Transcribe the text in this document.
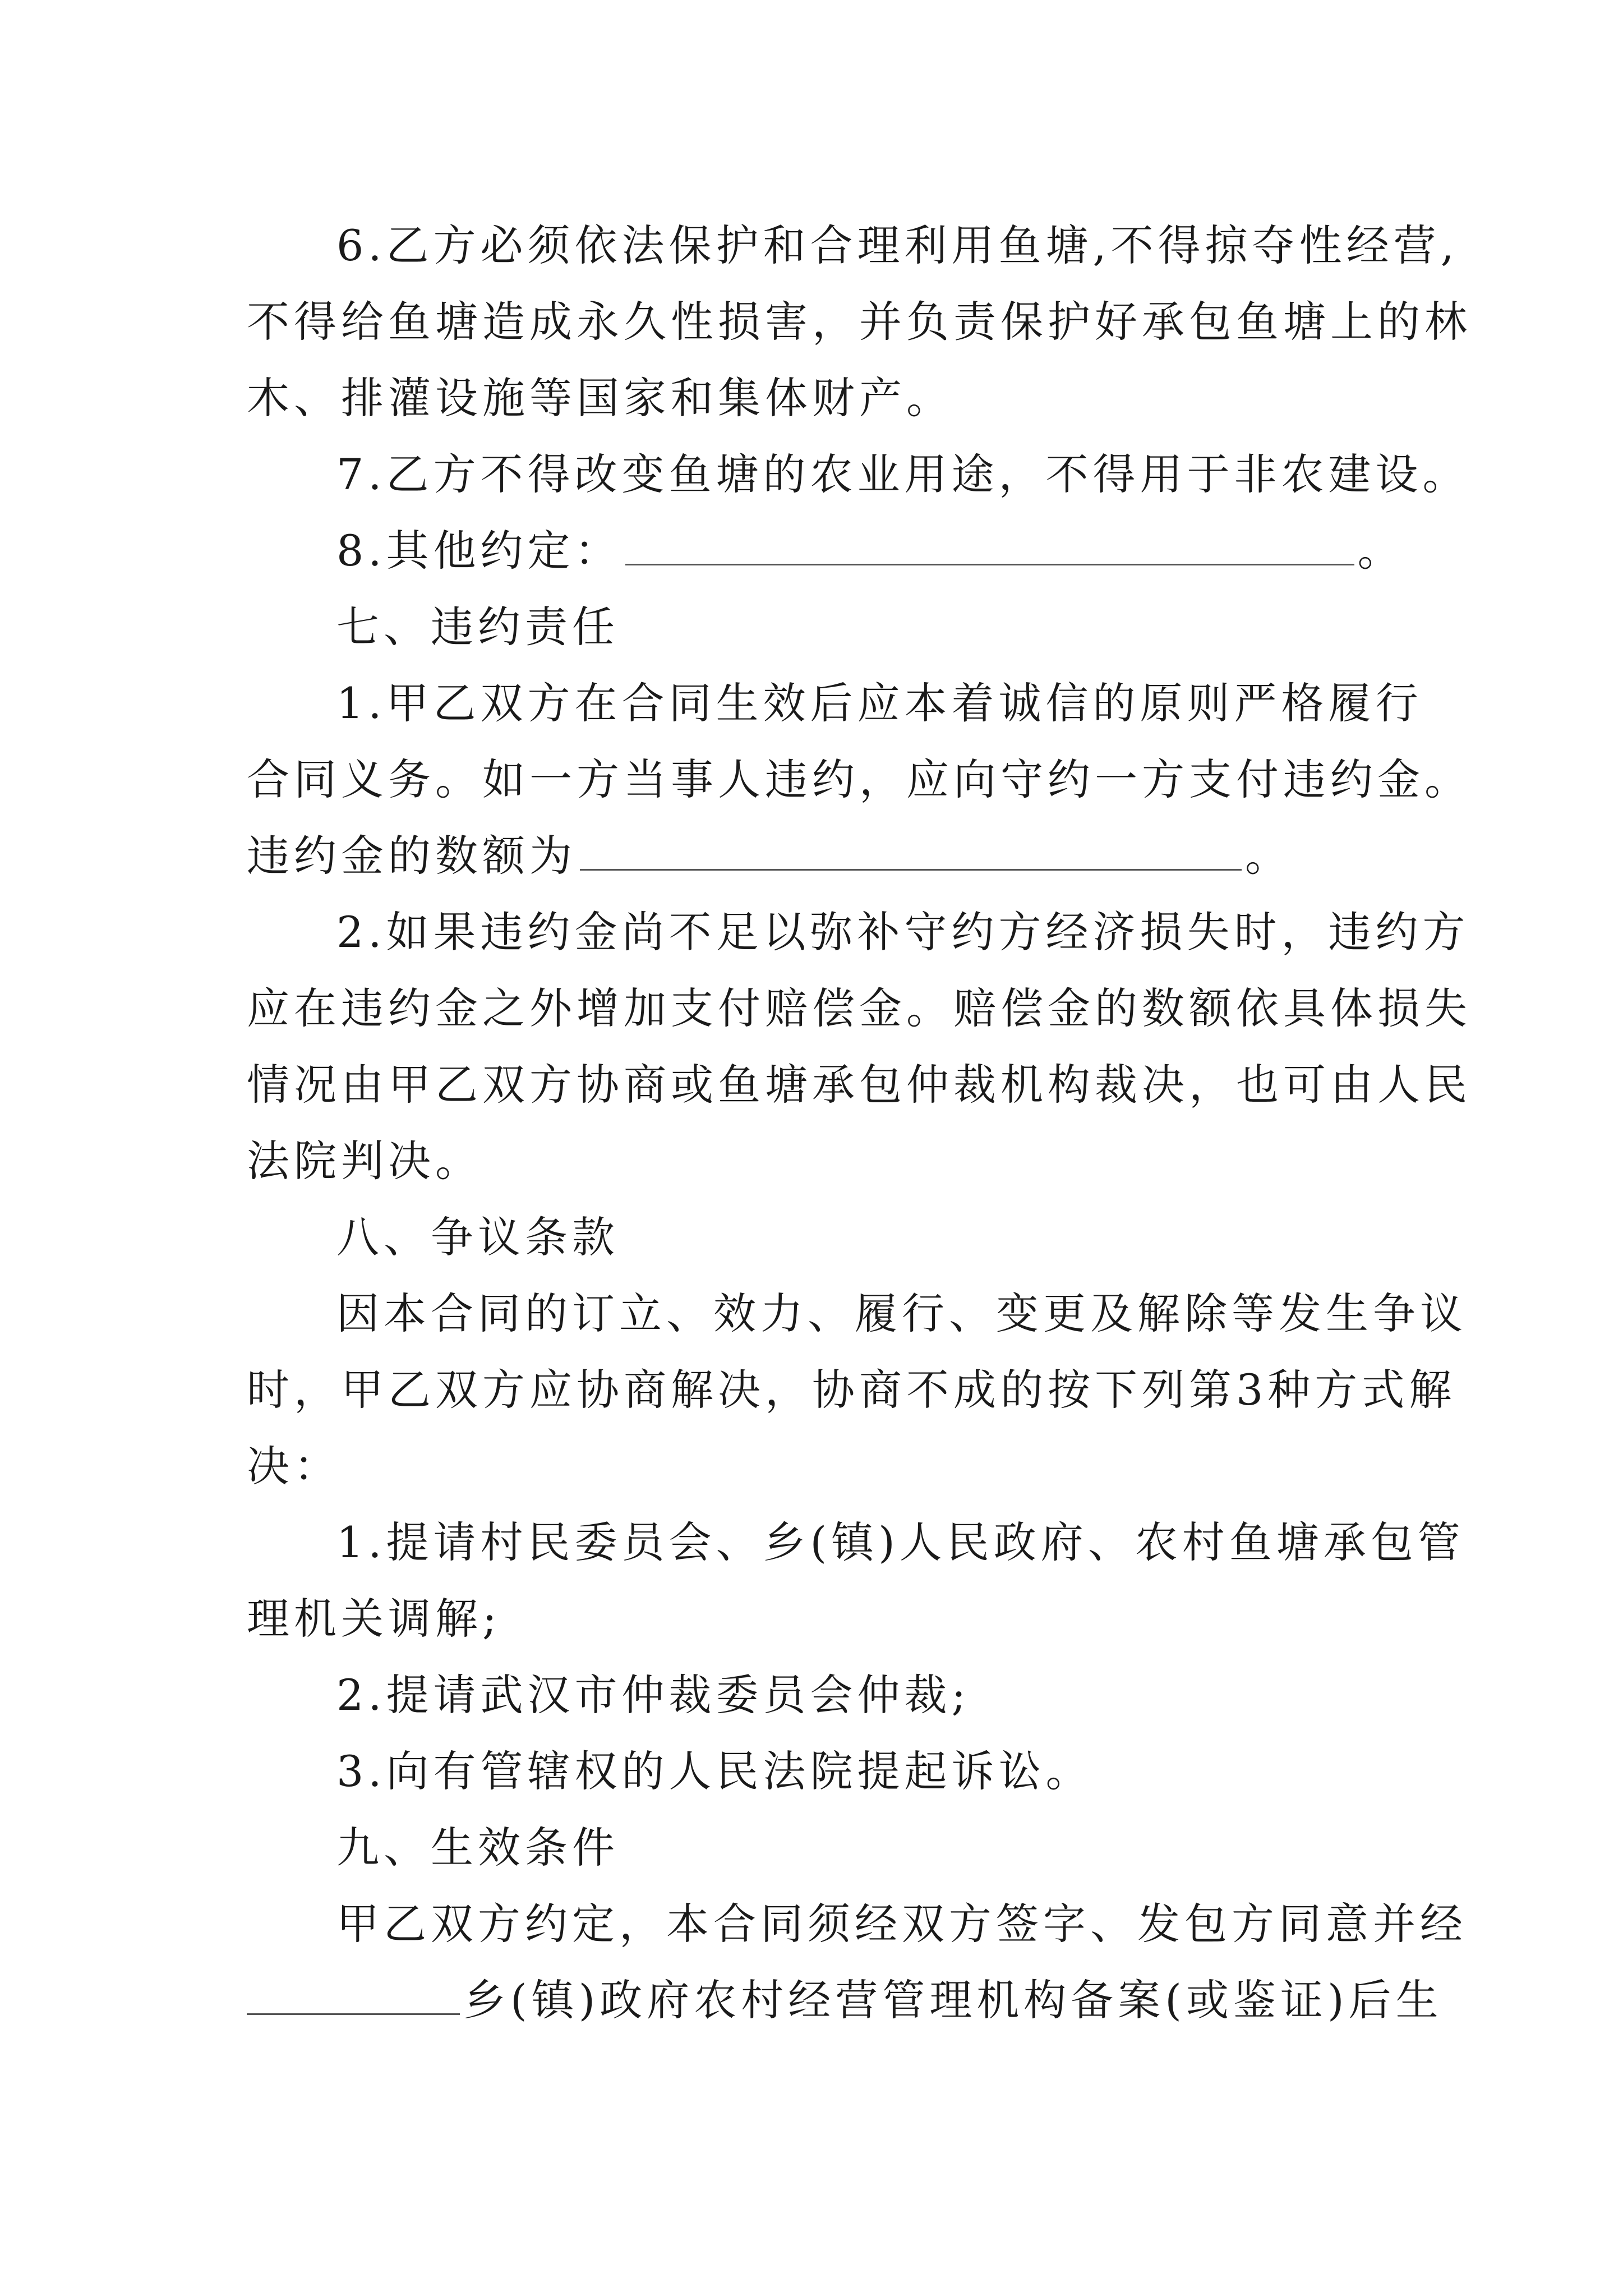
6.乙方必须依法保护和合理利用鱼塘,不得掠夺性经营,
不得给鱼塘造成永久性损害，并负责保护好承包鱼塘上的林
木、排灌设施等国家和集体财产。
7.乙方不得改变鱼塘的农业用途，不得用于非农建设。
8.其他约定：	。
七、违约责任
1.甲乙双方在合同生效后应本着诚信的原则严格履行
合同义务。如一方当事人违约，应向守约一方支付违约金。
违约金的数额为	。
2.如果违约金尚不足以弥补守约方经济损失时，违约方
应在违约金之外增加支付赔偿金。赔偿金的数额依具体损失
情况由甲乙双方协商或鱼塘承包仲裁机构裁决，也可由人民
法院判决。
八、争议条款
因本合同的订立、效力、履行、变更及解除等发生争议
时，甲乙双方应协商解决，协商不成的按下列第3种方式解
决：
1.提请村民委员会、乡(镇)人民政府、农村鱼塘承包管
理机关调解;
2.提请武汉市仲裁委员会仲裁;
3.向有管辖权的人民法院提起诉讼。
九、生效条件
甲乙双方约定，本合同须经双方签字、发包方同意并经
乡(镇)政府农村经营管理机构备案(或鉴证)后生
